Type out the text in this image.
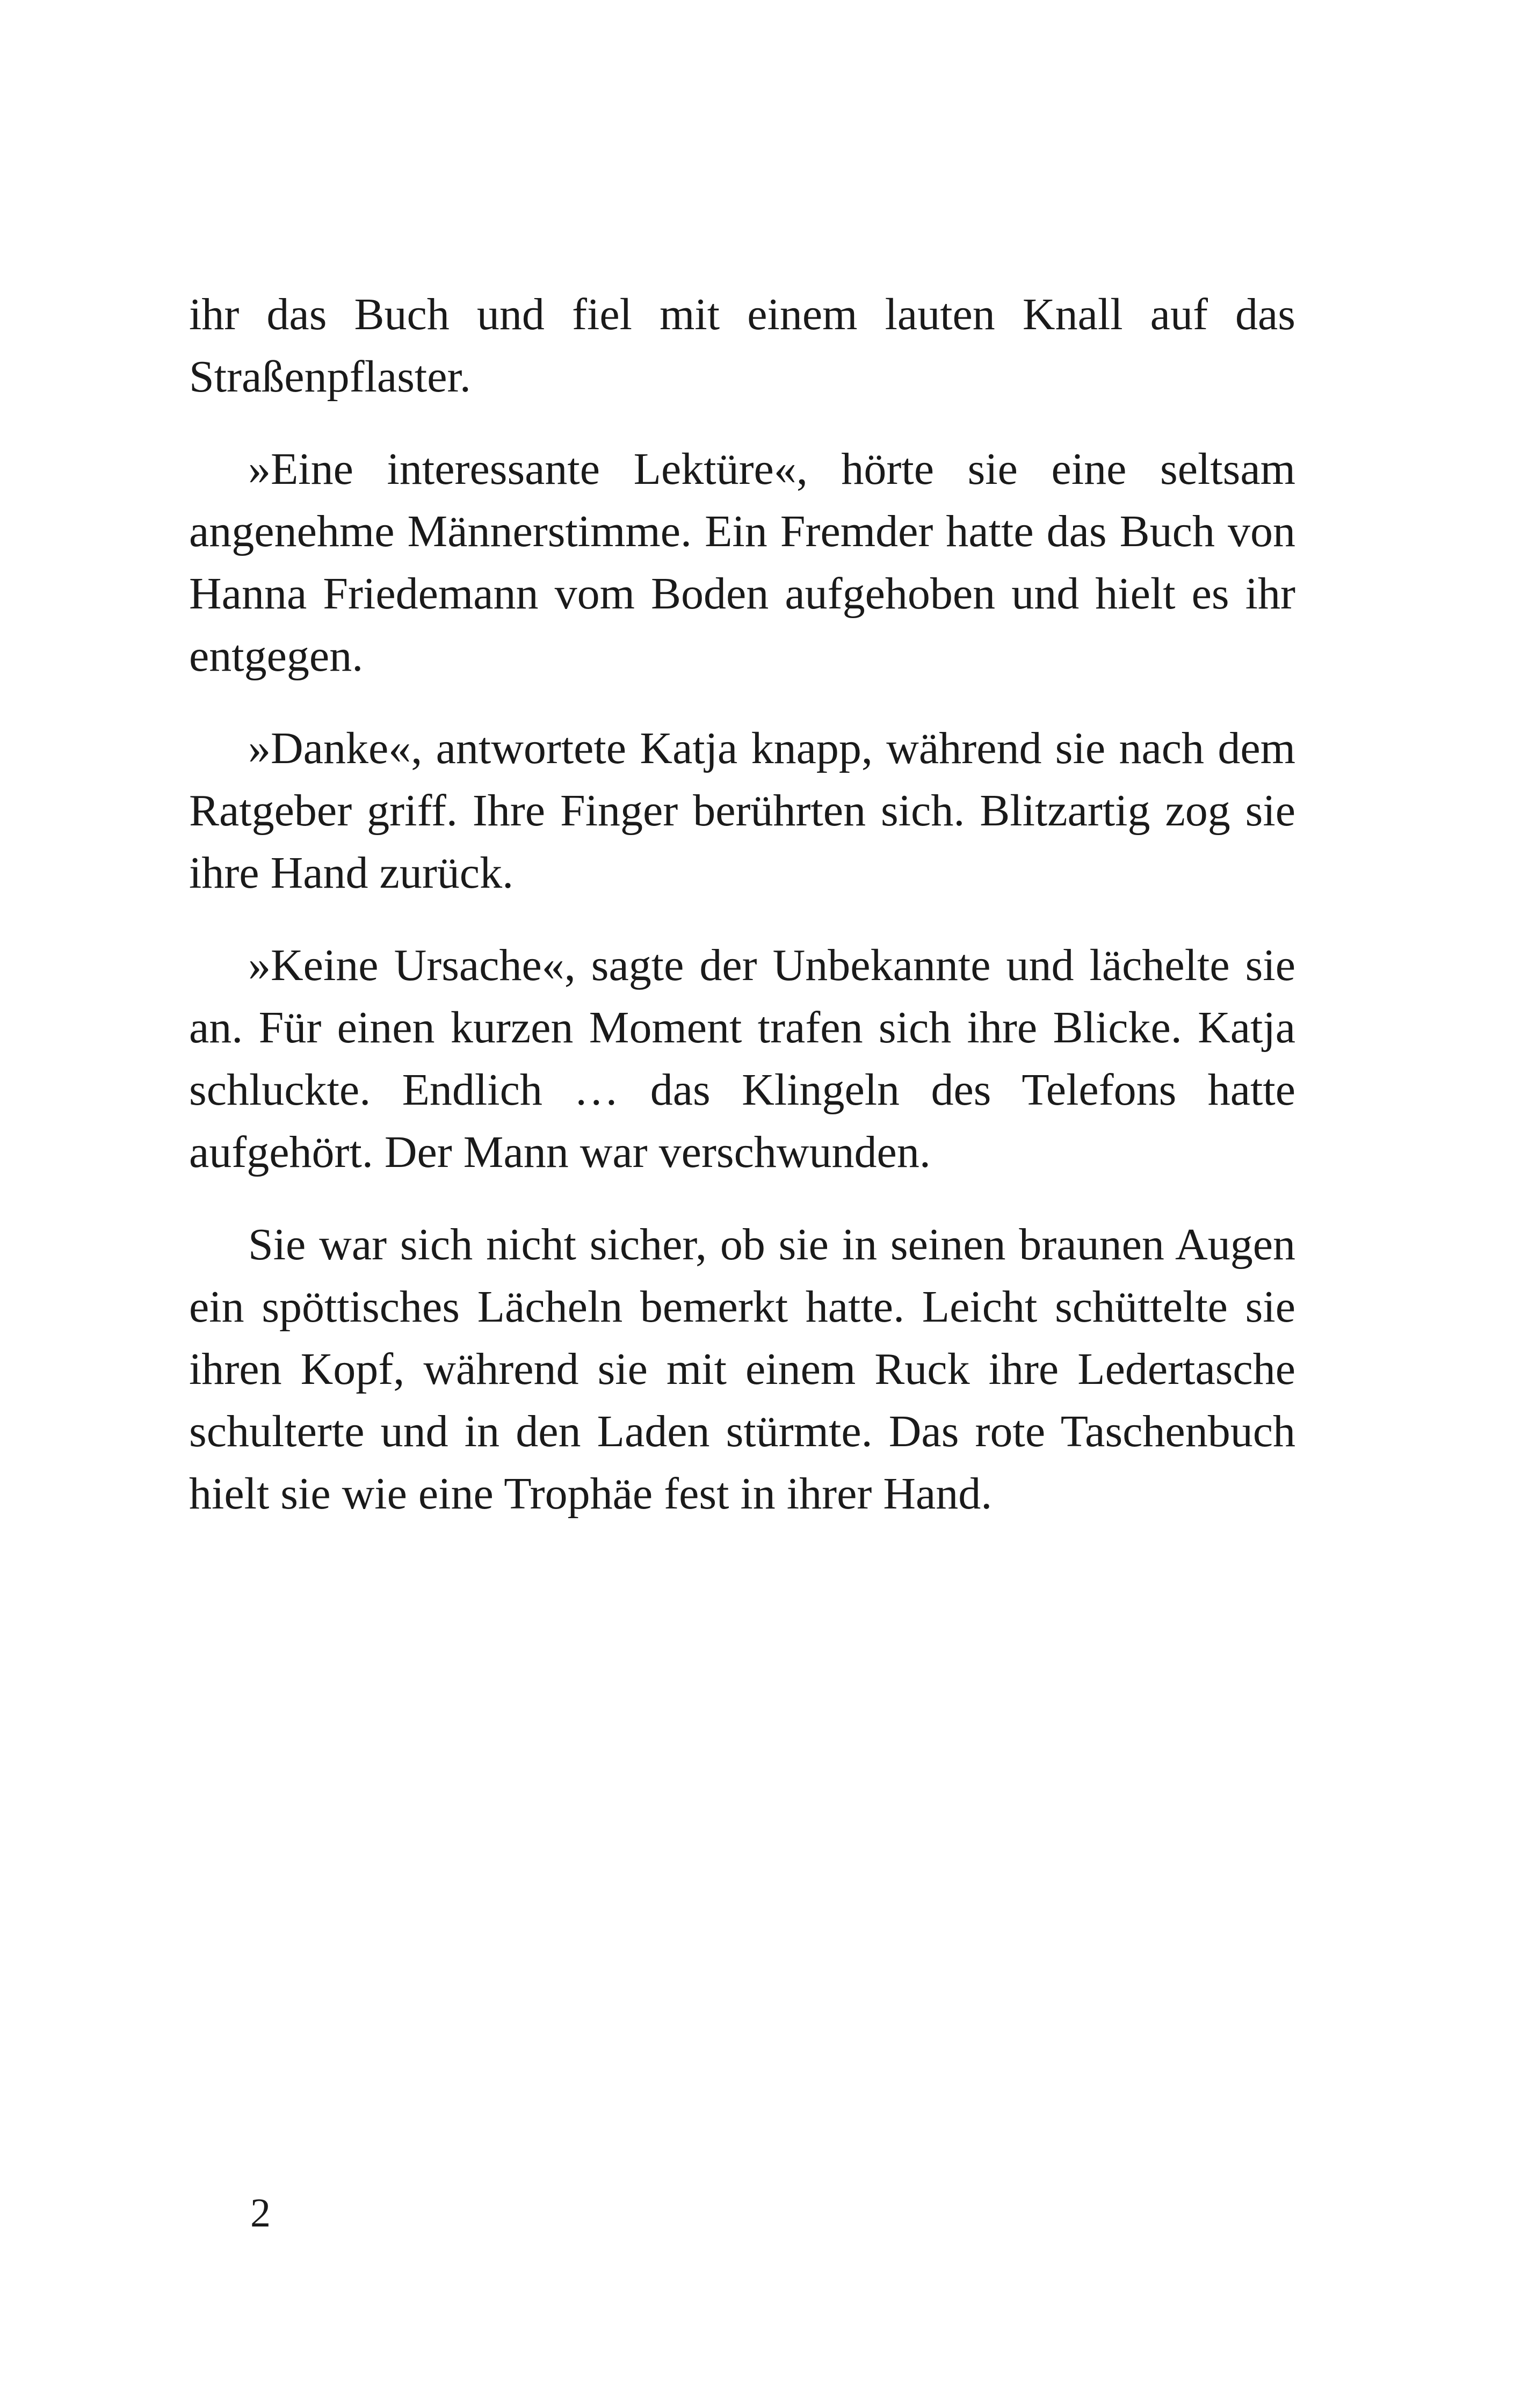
ihr das Buch und fiel mit einem lauten Knall auf das Straßenpflaster.

»Eine interessante Lektüre«, hörte sie eine seltsam angenehme Männerstimme. Ein Fremder hatte das Buch von Hanna Friedemann vom Boden aufgehoben und hielt es ihr entgegen.

»Danke«, antwortete Katja knapp, während sie nach dem Ratgeber griff. Ihre Finger berührten sich. Blitzartig zog sie ihre Hand zurück.

»Keine Ursache«, sagte der Unbekannte und lächelte sie an. Für einen kurzen Moment trafen sich ihre Blicke. Katja schluckte. Endlich … das Klingeln des Telefons hatte aufgehört. Der Mann war verschwunden.

Sie war sich nicht sicher, ob sie in seinen braunen Augen ein spöttisches Lächeln bemerkt hatte. Leicht schüttelte sie ihren Kopf, während sie mit einem Ruck ihre Ledertasche schulterte und in den Laden stürmte. Das rote Taschenbuch hielt sie wie eine Trophäe fest in ihrer Hand.

2
